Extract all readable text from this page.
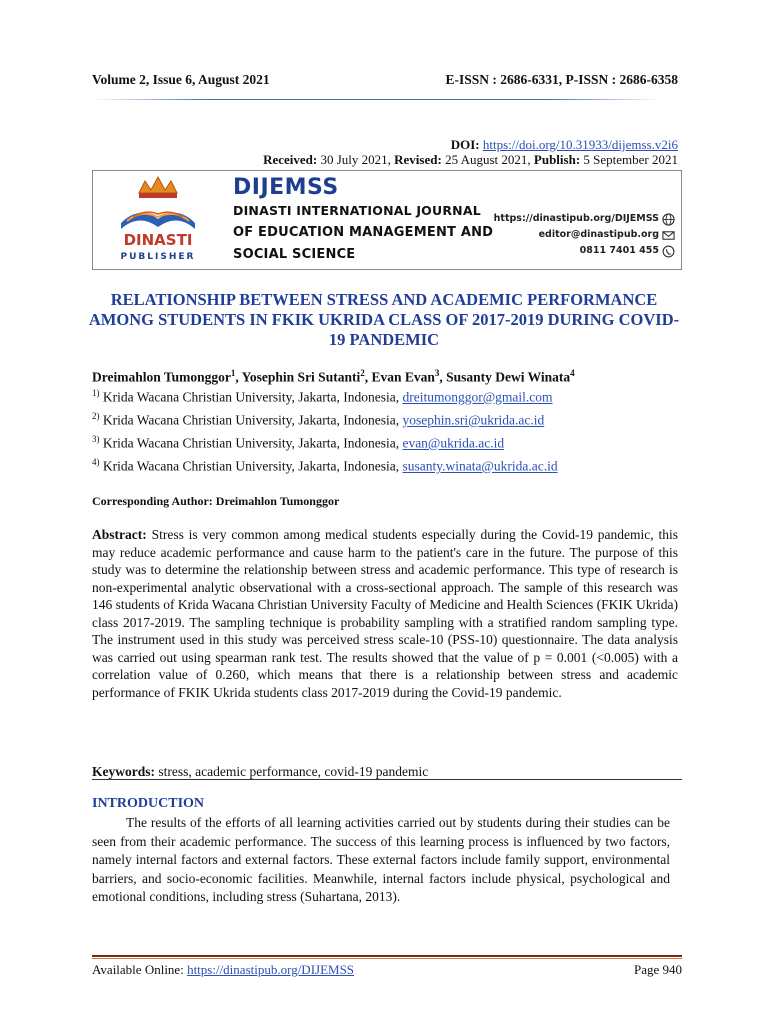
Volume 2, Issue 6, August 2021	E-ISSN : 2686-6331, P-ISSN : 2686-6358
DOI: https://doi.org/10.31933/dijemss.v2i6
Received: 30 July 2021, Revised: 25 August 2021, Publish: 5 September 2021
DINASTI
PUBLISHER
DIJEMSS
DINASTI INTERNATIONAL JOURNAL
OF EDUCATION MANAGEMENT AND
SOCIAL SCIENCE
https://dinastipub.org/DIJEMSS
editor@dinastipub.org
0811 7401 455
RELATIONSHIP BETWEEN STRESS AND ACADEMIC PERFORMANCE AMONG STUDENTS IN FKIK UKRIDA CLASS OF 2017-2019 DURING COVID-19 PANDEMIC
Dreimahlon Tumonggor$^1$, Yosephin Sri Sutanti$^2$, Evan Evan$^3$, Susanty Dewi Winata$^4$
$^{1)}$ Krida Wacana Christian University, Jakarta, Indonesia, dreitumonggor@gmail.com
$^{2)}$ Krida Wacana Christian University, Jakarta, Indonesia, yosephin.sri@ukrida.ac.id
$^{3)}$ Krida Wacana Christian University, Jakarta, Indonesia, evan@ukrida.ac.id
$^{4)}$ Krida Wacana Christian University, Jakarta, Indonesia, susanty.winata@ukrida.ac.id
Corresponding Author: Dreimahlon Tumonggor
Abstract: Stress is very common among medical students especially during the Covid-19 pandemic, this may reduce academic performance and cause harm to the patient's care in the future. The purpose of this study was to determine the relationship between stress and academic performance. This type of research is non-experimental analytic observational with a cross-sectional approach. The sample of this research was 146 students of Krida Wacana Christian University Faculty of Medicine and Health Sciences (FKIK Ukrida) class 2017-2019. The sampling technique is probability sampling with a stratified random sampling type. The instrument used in this study was perceived stress scale-10 (PSS-10) questionnaire. The data analysis was carried out using spearman rank test. The results showed that the value of p = 0.001 (<0.005) with a correlation value of 0.260, which means that there is a relationship between stress and academic performance of FKIK Ukrida students class 2017-2019 during the Covid-19 pandemic.
Keywords: stress, academic performance, covid-19 pandemic
INTRODUCTION
The results of the efforts of all learning activities carried out by students during their studies can be seen from their academic performance. The success of this learning process is influenced by two factors, namely internal factors and external factors. These external factors include family support, environmental barriers, and socio-economic facilities. Meanwhile, internal factors include physical, psychological and emotional conditions, including stress (Suhartana, 2013).
Available Online: https://dinastipub.org/DIJEMSS	Page 940
